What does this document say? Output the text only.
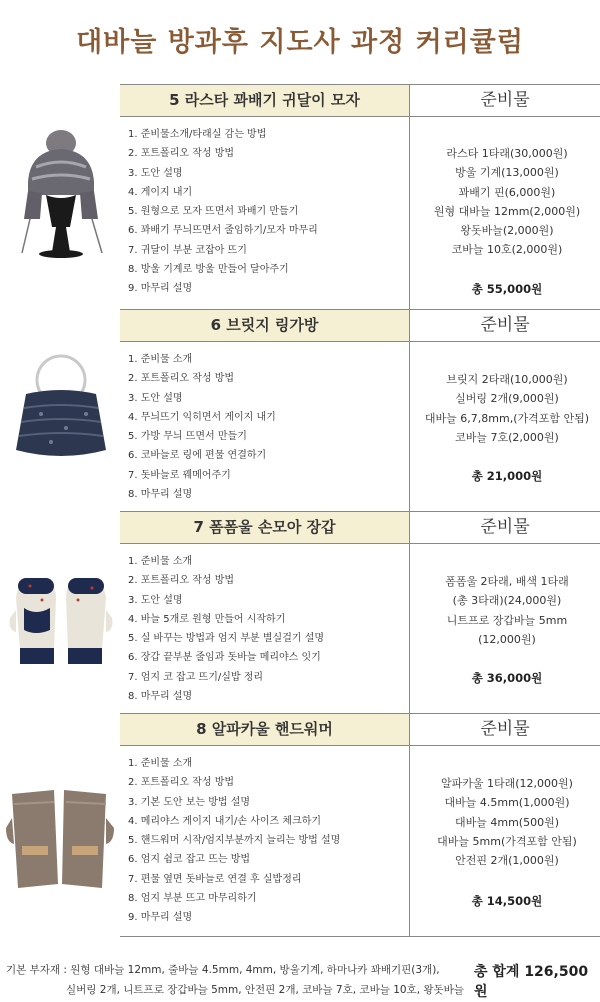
대바늘 방과후 지도사 과정 커리큘럼
5 라스타 꽈배기 귀달이 모자	준비물
1. 준비물소개/타래실 감는 방법
2. 포트폴리오 작성 방법
3. 도안 설명
4. 게이지 내기
5. 원형으로 모자 뜨면서 꽈배기 만들기
6. 꽈배기 무늬뜨면서 줄임하기/모자 마무리
7. 귀달이 부분 코잡아 뜨기
8. 방울 기계로 방울 만들어 달아주기
9. 마무리 설명
라스타 1타래(30,000원)
방울 기계(13,000원)
꽈배기 핀(6,000원)
원형 대바늘 12mm(2,000원)
왕돗바늘(2,000원)
코바늘 10호(2,000원)
총 55,000원
6 브릿지 링가방	준비물
1. 준비물 소개
2. 포트폴리오 작성 방법
3. 도안 설명
4. 무늬뜨기 익히면서 게이지 내기
5. 가방 무늬 뜨면서 만들기
6. 코바늘로 링에 편물 연결하기
7. 돗바늘로 꿰메어주기
8. 마무리 설명
브릿지 2타래(10,000원)
실버링 2개(9,000원)
대바늘 6,7,8mm,(가격포함 안됨)
코바늘 7호(2,000원)
총 21,000원
7 폼폼울 손모아 장갑	준비물
1. 준비물 소개
2. 포트폴리오 작성 방법
3. 도안 설명
4. 바늘 5개로 원형 만들어 시작하기
5. 실 바꾸는 방법과 엄지 부분 별실걸기 설명
6. 장갑 끝부분 줄임과 돗바늘 메리야스 잇기
7. 엄지 코 잡고 뜨기/실밥 정리
8. 마무리 설명
폼폼울 2타래, 배색 1타래
(총 3타래)(24,000원)
니트프로 장갑바늘 5mm
(12,000원)
총 36,000원
8 알파카울 핸드워머	준비물
1. 준비물 소개
2. 포트폴리오 작성 방법
3. 기본 도안 보는 방법 설명
4. 메리야스 게이지 내기/손 사이즈 체크하기
5. 핸드워머 시작/엄지부분까지 늘리는 방법 설명
6. 엄지 쉼코 잡고 뜨는 방법
7. 편물 옆면 돗바늘로 연결 후 실밥정리
8. 엄지 부분 뜨고 마무리하기
9. 마무리 설명
알파카울 1타래(12,000원)
대바늘 4.5mm(1,000원)
대바늘 4mm(500원)
대바늘 5mm(가격포함 안됨)
안전핀 2개(1,000원)
총 14,500원
기본 부자재 : 원형 대바늘 12mm, 줄바늘 4.5mm, 4mm, 방울기계, 하마나카 꽈배기핀(3개),
실버링 2개, 니트프로 장갑바늘 5mm, 안전핀 2개, 코바늘 7호, 코바늘 10호, 왕돗바늘
총 합계 126,500원
